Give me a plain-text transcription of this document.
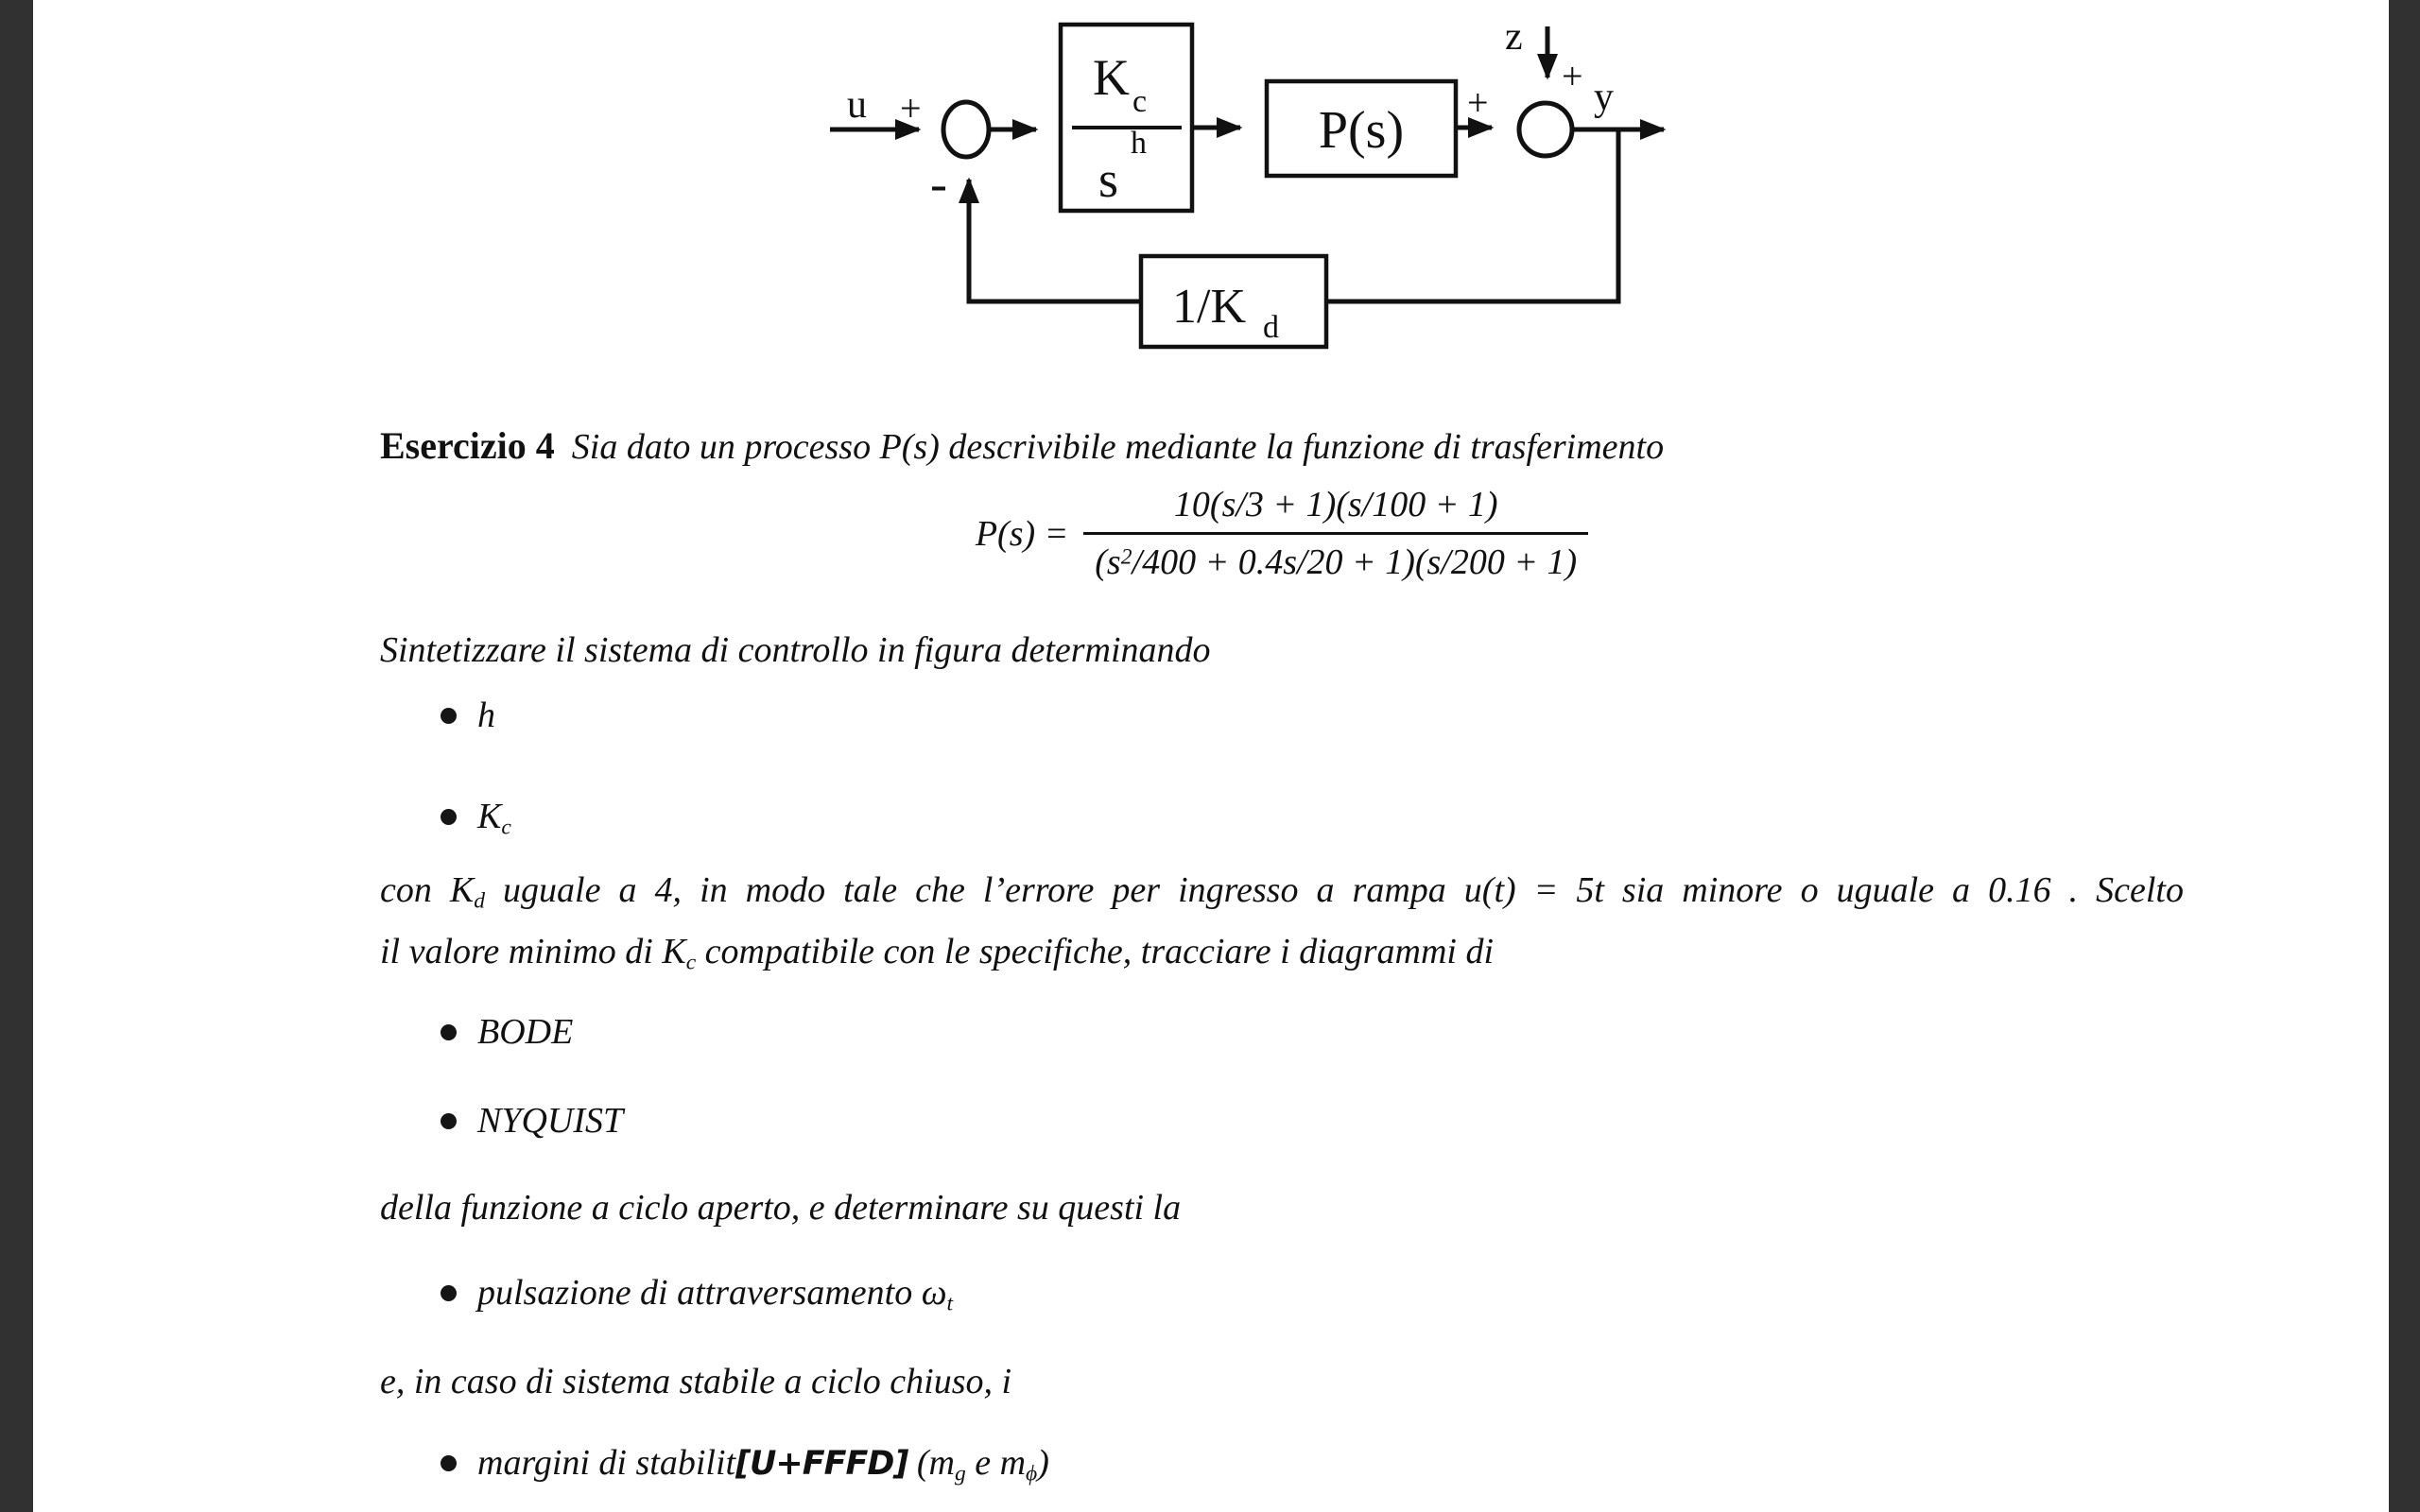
K c
s
h	P(s)
1/K d
u +
-
+
z
+ y
Esercizio 4 Sia dato un processo P(s) descrivibile mediante la funzione di trasferimento
$P(s) = \frac{10(s/3 + 1)(s/100 + 1)}{(s^2/400 + 0.4s/20 + 1)(s/200 + 1)}$
Sintetizzare il sistema di controllo in figura determinando
h
$K_c$
con $K_d$ uguale a 4, in modo tale che l’errore per ingresso a rampa u(t) = 5t sia minore o uguale a 0.16 . Scelto
il valore minimo di $K_c$ compatibile con le specifiche, tracciare i diagrammi di
BODE
NYQUIST
della funzione a ciclo aperto, e determinare su questi la
pulsazione di attraversamento $\omega_t$
e, in caso di sistema stabile a ciclo chiuso, i
margini di stabilit[U+FFFD] ($m_g$ e $m_\phi$)
